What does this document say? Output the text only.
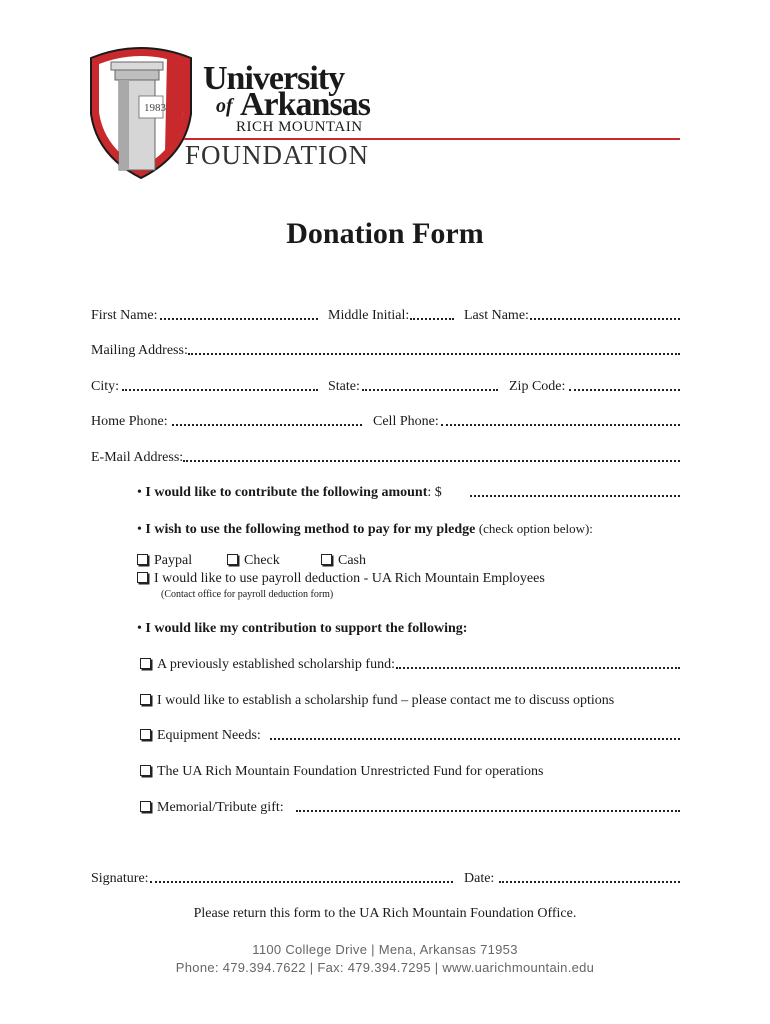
1983
University
of Arkansas
RICH MOUNTAIN
FOUNDATION
Donation Form
First Name:	Middle Initial:	Last Name:
Mailing Address:
City:	State:	Zip Code:
Home Phone:	Cell Phone:
E-Mail Address:
• I would like to contribute the following amount: $
• I wish to use the following method to pay for my pledge (check option below):
Paypal	Check	Cash
I would like to use payroll deduction - UA Rich Mountain Employees
(Contact office for payroll deduction form)
• I would like my contribution to support the following:
A previously established scholarship fund:
I would like to establish a scholarship fund – please contact me to discuss options
Equipment Needs:
The UA Rich Mountain Foundation Unrestricted Fund for operations
Memorial/Tribute gift:
Signature:	Date:
Please return this form to the UA Rich Mountain Foundation Office.
1100 College Drive | Mena, Arkansas 71953
Phone: 479.394.7622 | Fax: 479.394.7295 | www.uarichmountain.edu
